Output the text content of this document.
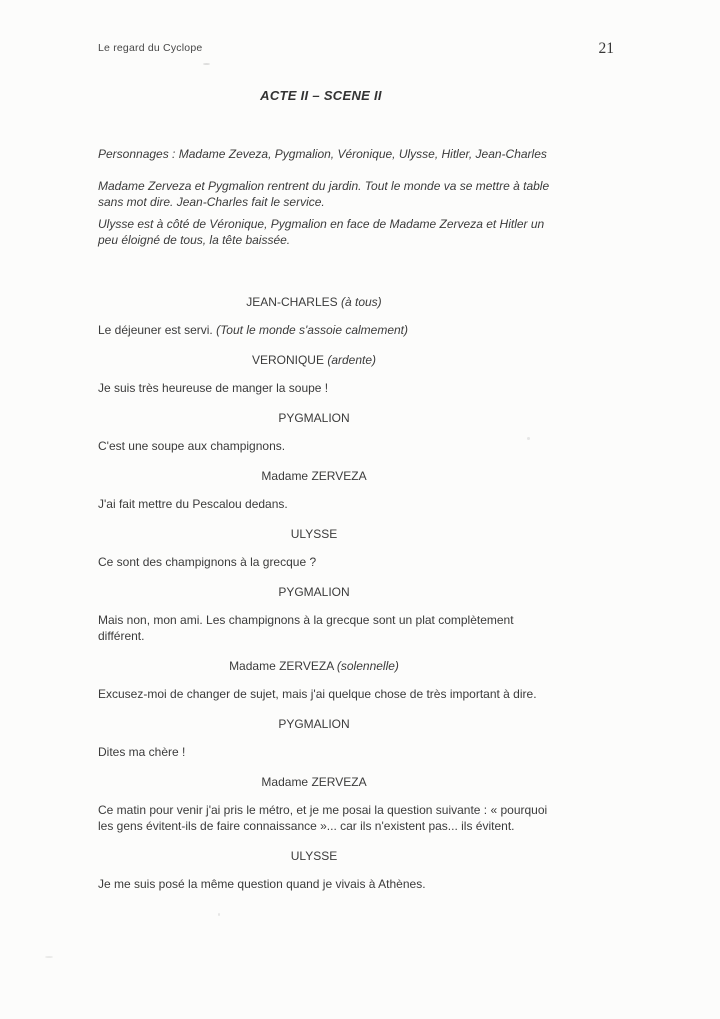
Le regard du Cyclope	21
ACTE II – SCENE II

Personnages : Madame Zeveza, Pygmalion, Véronique, Ulysse, Hitler, Jean-Charles

Madame Zerveza et Pygmalion rentrent du jardin. Tout le monde va se mettre à table
sans mot dire. Jean-Charles fait le service.
Ulysse est à côté de Véronique, Pygmalion en face de Madame Zerveza et Hitler un
peu éloigné de tous, la tête baissée.

JEAN-CHARLES (à tous)

Le déjeuner est servi. (Tout le monde s'assoie calmement)

VERONIQUE (ardente)

Je suis très heureuse de manger la soupe !

PYGMALION

C'est une soupe aux champignons.

Madame ZERVEZA

J'ai fait mettre du Pescalou dedans.

ULYSSE

Ce sont des champignons à la grecque ?

PYGMALION

Mais non, mon ami. Les champignons à la grecque sont un plat complètement

différent.

Madame ZERVEZA (solennelle)

Excusez-moi de changer de sujet, mais j'ai quelque chose de très important à dire.

PYGMALION

Dites ma chère !

Madame ZERVEZA

Ce matin pour venir j'ai pris le métro, et je me posai la question suivante : « pourquoi

les gens évitent-ils de faire connaissance »... car ils n'existent pas... ils évitent.

ULYSSE

Je me suis posé la même question quand je vivais à Athènes.
